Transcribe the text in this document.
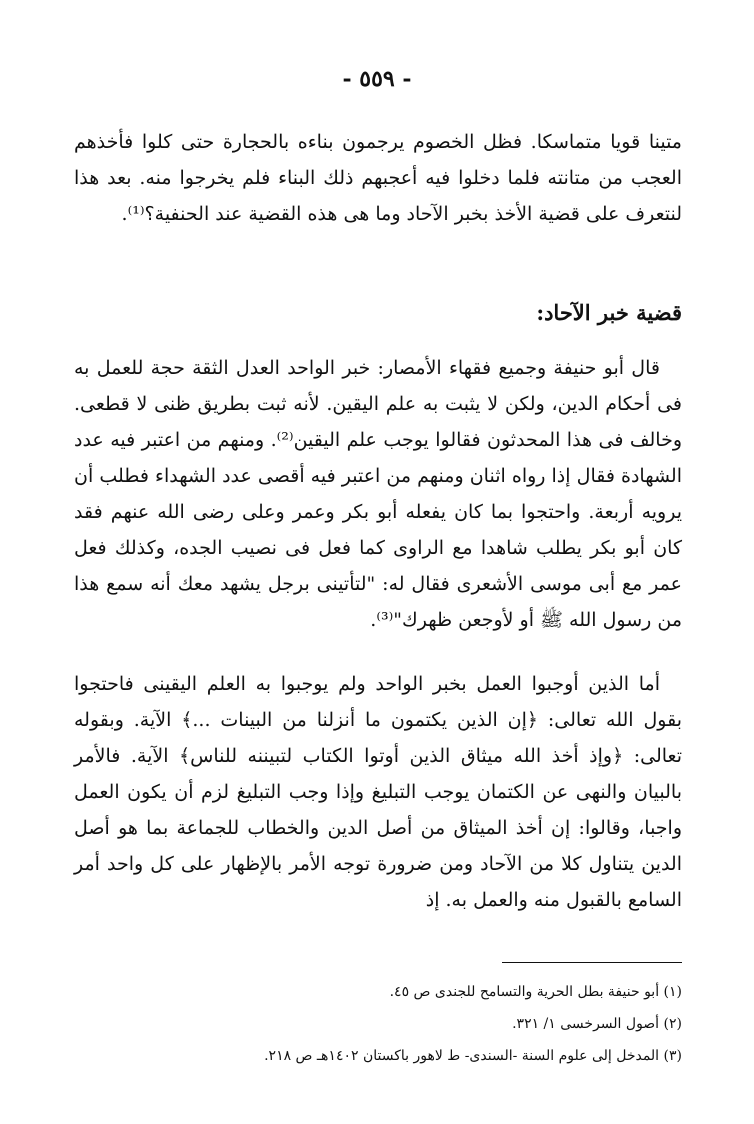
- ٥٥٩ -

متينا قويا متماسكا. فظل الخصوم يرجمون بناءه بالحجارة حتى كلوا فأخذهم العجب من متانته فلما دخلوا فيه أعجبهم ذلك البناء فلم يخرجوا منه. بعد هذا لنتعرف على قضية الأخذ بخبر الآحاد وما هى هذه القضية عند الحنفية؟⁽¹⁾.

قضية خبر الآحاد:

قال أبو حنيفة وجميع فقهاء الأمصار: خبر الواحد العدل الثقة حجة للعمل به فى أحكام الدين، ولكن لا يثبت به علم اليقين. لأنه ثبت بطريق ظنى لا قطعى. وخالف فى هذا المحدثون فقالوا يوجب علم اليقين⁽²⁾. ومنهم من اعتبر فيه عدد الشهادة فقال إذا رواه اثنان ومنهم من اعتبر فيه أقصى عدد الشهداء فطلب أن يرويه أربعة. واحتجوا بما كان يفعله أبو بكر وعمر وعلى رضى الله عنهم فقد كان أبو بكر يطلب شاهدا مع الراوى كما فعل فى نصيب الجده، وكذلك فعل عمر مع أبى موسى الأشعرى فقال له: "لتأتينى برجل يشهد معك أنه سمع هذا من رسول الله ﷺ أو لأوجعن ظهرك"⁽³⁾.

أما الذين أوجبوا العمل بخبر الواحد ولم يوجبوا به العلم اليقينى فاحتجوا بقول الله تعالى: ﴿إن الذين يكتمون ما أنزلنا من البينات ...﴾ الآية. وبقوله تعالى: ﴿وإذ أخذ الله ميثاق الذين أوتوا الكتاب لتبيننه للناس﴾ الآية. فالأمر بالبيان والنهى عن الكتمان يوجب التبليغ وإذا وجب التبليغ لزم أن يكون العمل واجبا، وقالوا: إن أخذ الميثاق من أصل الدين والخطاب للجماعة بما هو أصل الدين يتناول كلا من الآحاد ومن ضرورة توجه الأمر بالإظهار على كل واحد أمر السامع بالقبول منه والعمل به. إذ

(١) أبو حنيفة بطل الحرية والتسامح للجندى ص ٤٥.
(٢) أصول السرخسى ١/ ٣٢١.
(٣) المدخل إلى علوم السنة -السندى- ط لاهور باكستان ١٤٠٢هـ ص ٢١٨.
